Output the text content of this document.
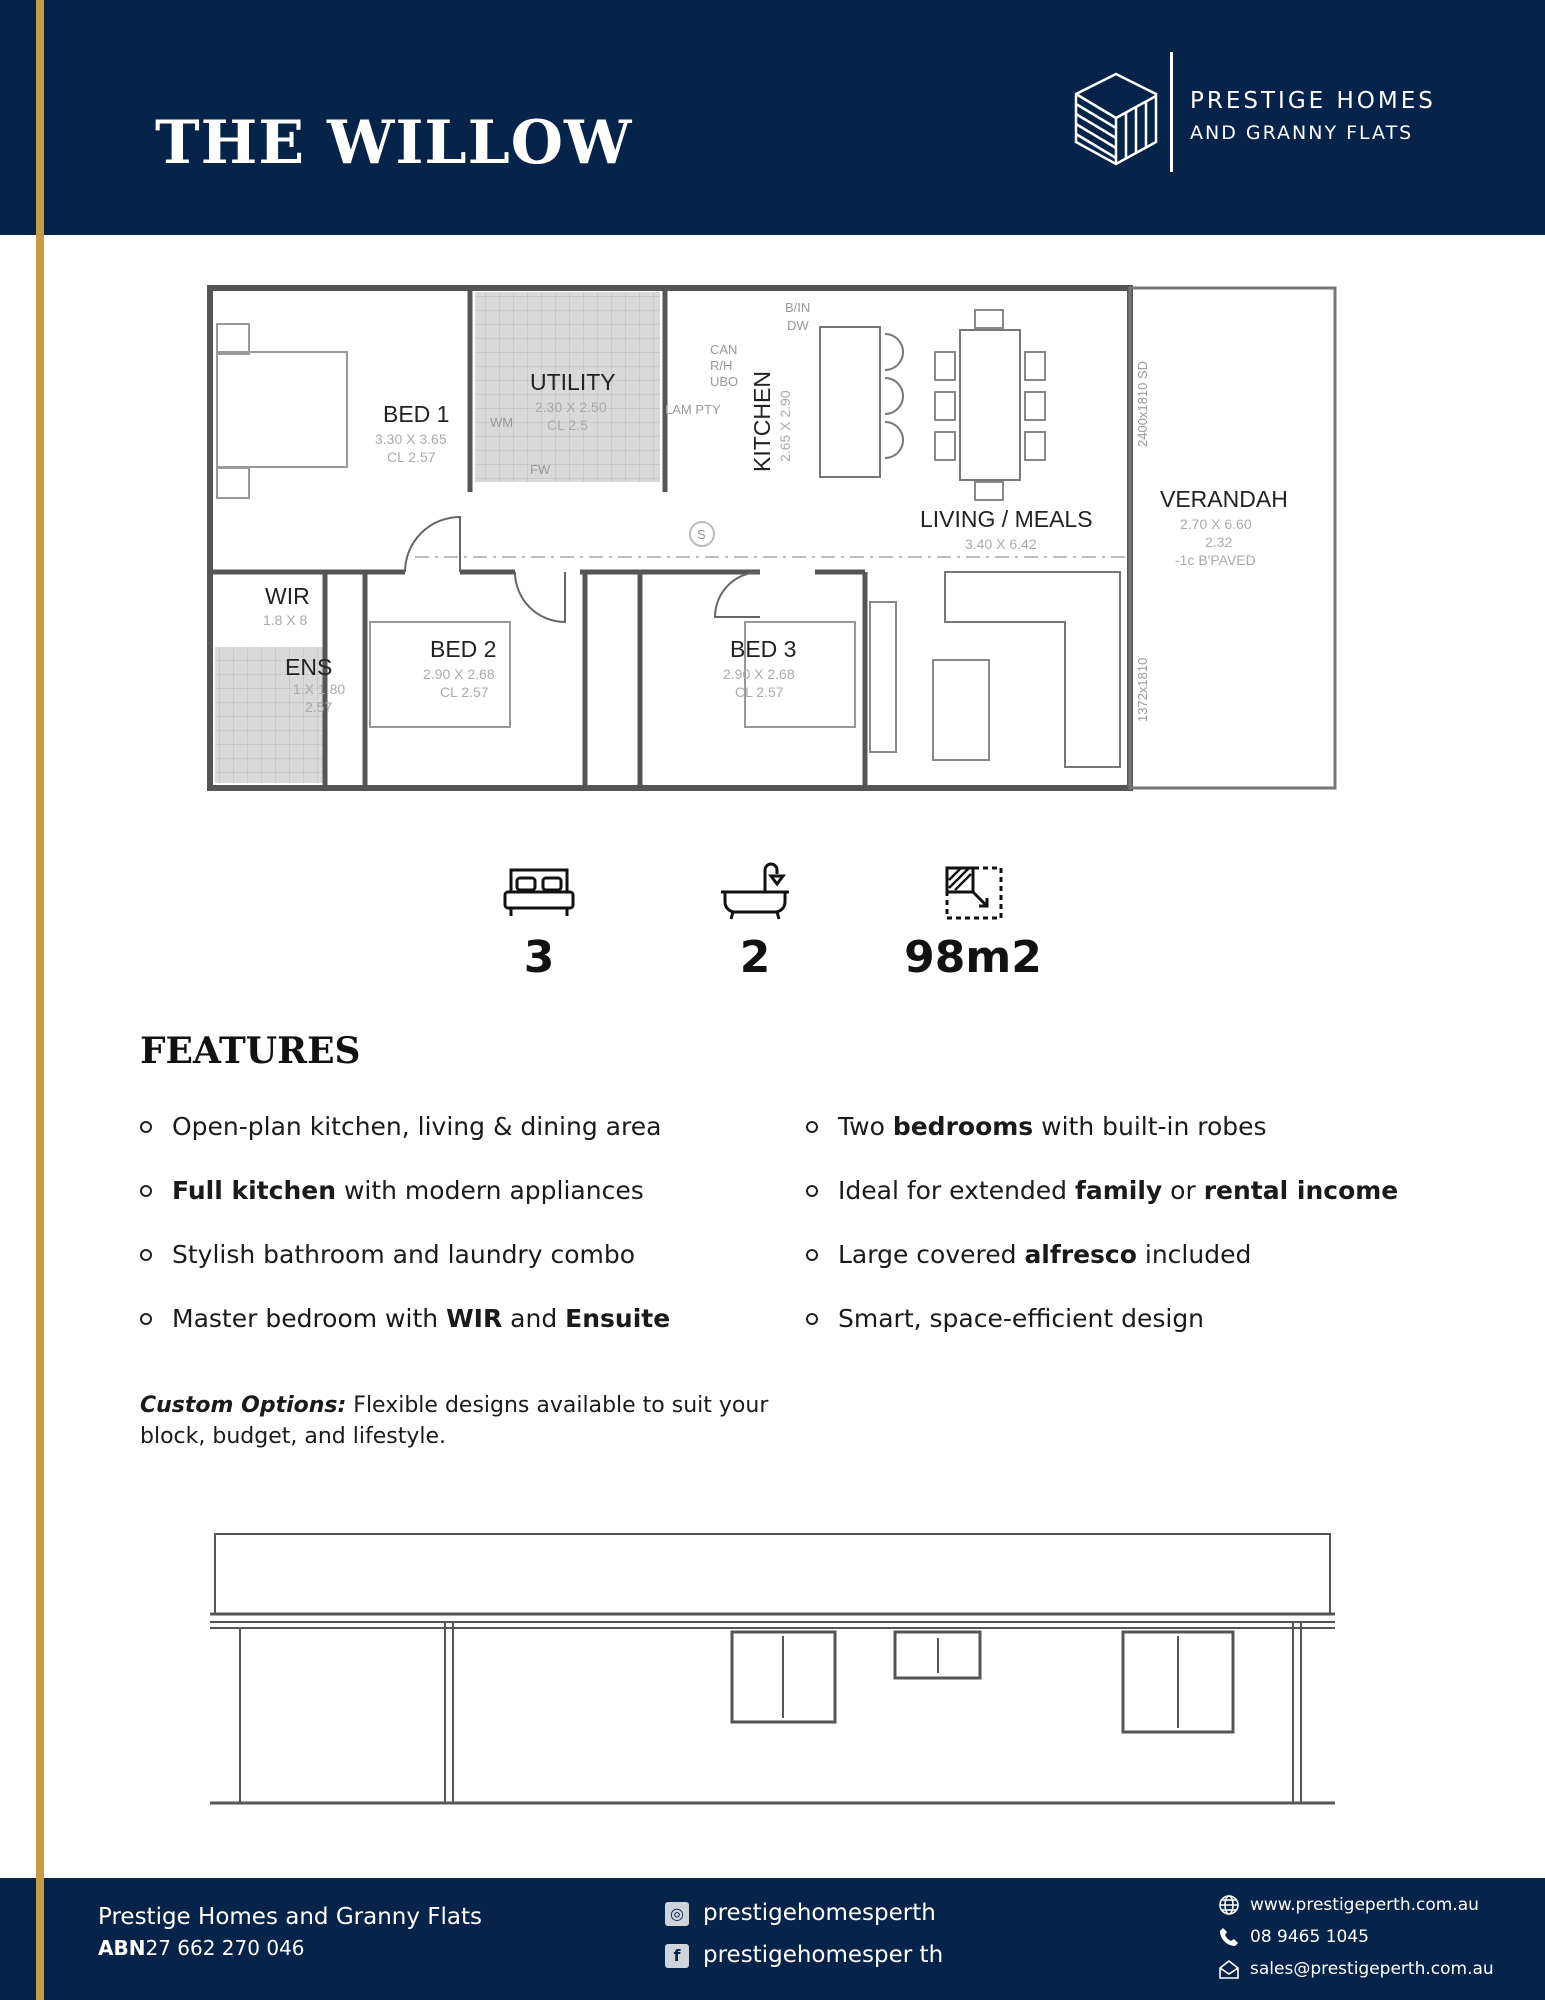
THE WILLOW
PRESTIGE HOMES
AND GRANNY FLATS
BED 1
3.30 X 3.65
CL 2.57
UTILITY
2.30 X 2.50
CL 2.5
WM
FW
LAM PTY
B/IN
DW
CAN
R/H
UBO KITCHEN 2.65 X 2.90
LIVING / MEALS
3.40 X 6.42
VERANDAH
2.70 X 6.60
2.32
-1c B'PAVED
2400x1810 SD
1372x1810
WIR
1.8 X 8
ENS
1.X 1.80
2.57
BED 2
2.90 X 2.68
CL 2.57
BED 3
2.90 X 2.68
CL 2.57
S
3	2	98m2
FEATURES
Open-plan kitchen, living & dining area
Full kitchen with modern appliances
Stylish bathroom and laundry combo
Master bedroom with WIR and Ensuite
Two bedrooms with built-in robes
Ideal for extended family or rental income
Large covered alfresco included
Smart, space-efficient design
Custom Options: Flexible designs available to suit your block, budget, and lifestyle.
Prestige Homes and Granny Flats
ABN27 662 270 046
◎ prestigehomesperth
f prestigehomesper th
www.prestigeperth.com.au
08 9465 1045
sales@prestigeperth.com.au
